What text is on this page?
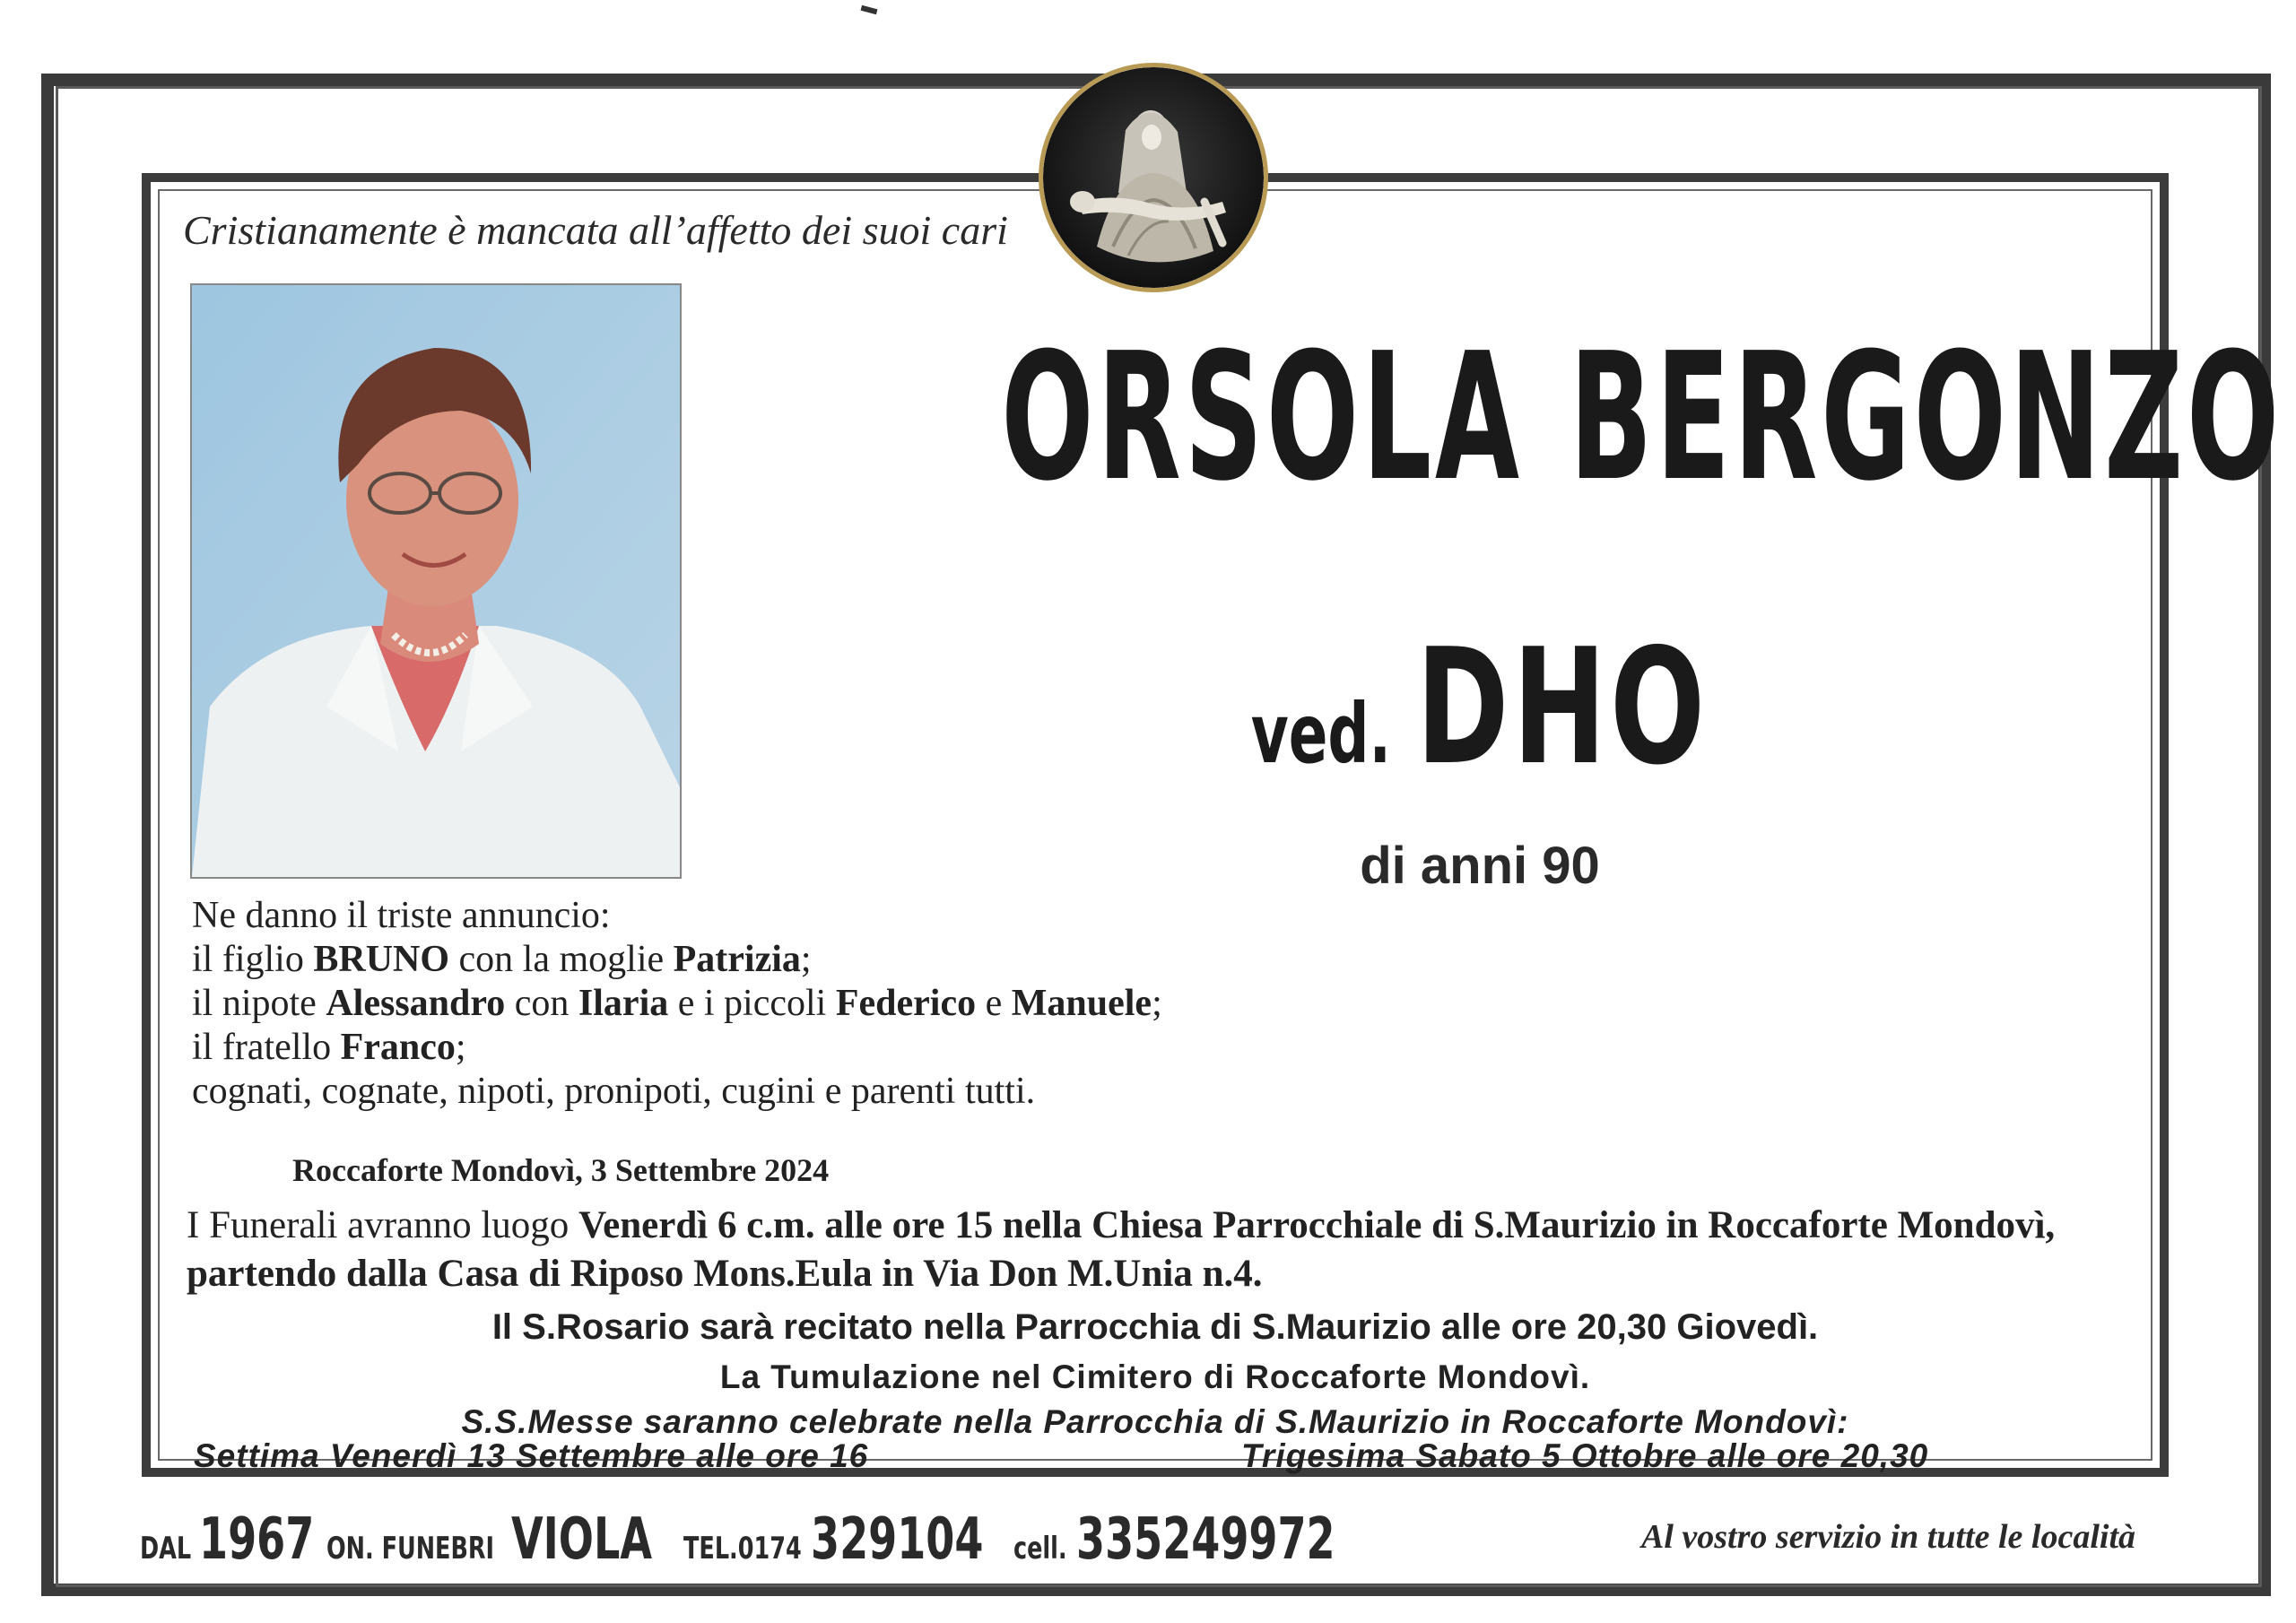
Cristianamente è mancata all’affetto dei suoi cari
ORSOLA BERGONZO
ved. DHO
di anni 90
Ne danno il triste annuncio:
il figlio BRUNO con la moglie Patrizia;
il nipote Alessandro con Ilaria e i piccoli Federico e Manuele;
il fratello Franco;
cognati, cognate, nipoti, pronipoti, cugini e parenti tutti.
Roccaforte Mondovì, 3 Settembre 2024
I Funerali avranno luogo Venerdì 6 c.m. alle ore 15 nella Chiesa Parrocchiale di S.Maurizio in Roccaforte Mondovì,
partendo dalla Casa di Riposo Mons.Eula in Via Don M.Unia n.4.
Il S.Rosario sarà recitato nella Parrocchia di S.Maurizio alle ore 20,30 Giovedì.
La Tumulazione nel Cimitero di Roccaforte Mondovì.
S.S.Messe saranno celebrate nella Parrocchia di S.Maurizio in Roccaforte Mondovì:
Settima Venerdì 13 Settembre alle ore 16	Trigesima Sabato 5 Ottobre alle ore 20,30
DAL 1967 ON. FUNEBRI VIOLA TEL.0174 329104 cell. 335249972	Al vostro servizio in tutte le località
